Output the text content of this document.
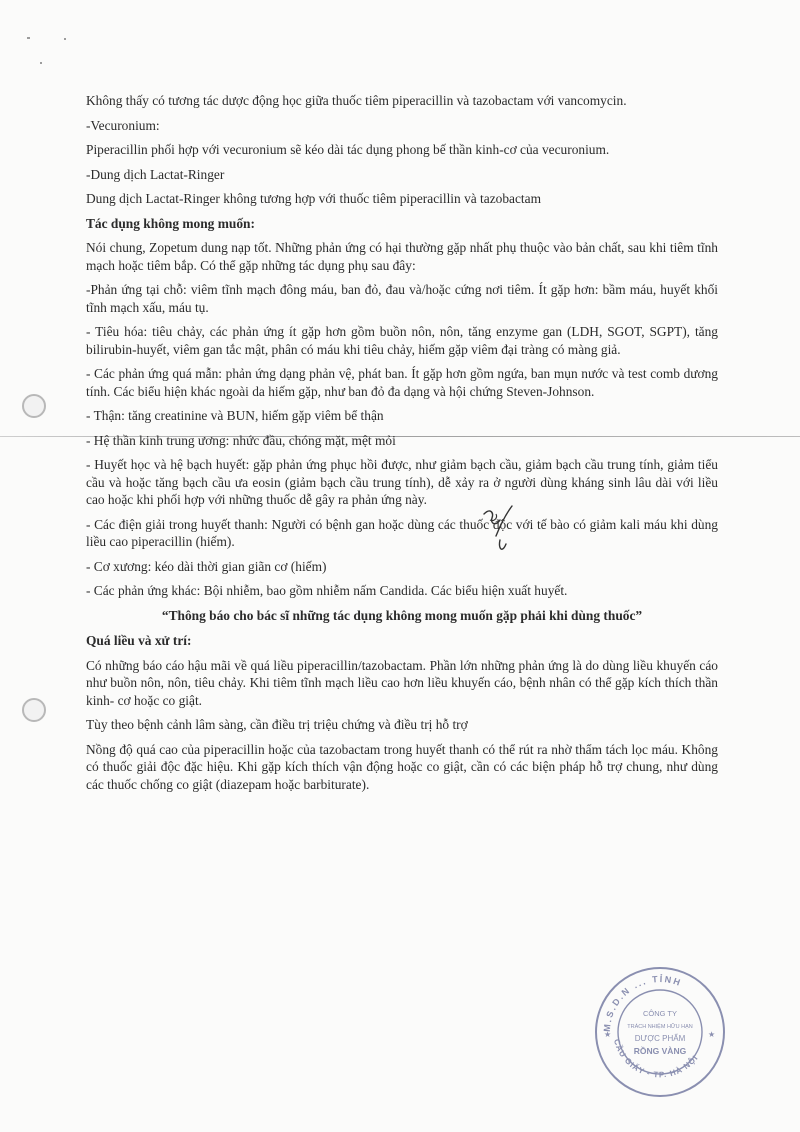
Không thấy có tương tác dược động học giữa thuốc tiêm piperacillin và tazobactam với vancomycin.

-Vecuronium:

Piperacillin phối hợp với vecuronium sẽ kéo dài tác dụng phong bế thần kinh-cơ của vecuronium.

-Dung dịch Lactat-Ringer

Dung dịch Lactat-Ringer không tương hợp với thuốc tiêm piperacillin và tazobactam

Tác dụng không mong muốn:

Nói chung, Zopetum dung nạp tốt. Những phản ứng có hại thường gặp nhất phụ thuộc vào bản chất, sau khi tiêm tĩnh mạch hoặc tiêm bắp. Có thể gặp những tác dụng phụ sau đây:

-Phản ứng tại chỗ: viêm tĩnh mạch đông máu, ban đỏ, đau và/hoặc cứng nơi tiêm. Ít gặp hơn: bầm máu, huyết khối tĩnh mạch xấu, máu tụ.

- Tiêu hóa: tiêu chảy, các phản ứng ít gặp hơn gồm buồn nôn, nôn, tăng enzyme gan (LDH, SGOT, SGPT), tăng bilirubin-huyết, viêm gan tắc mật, phân có máu khi tiêu chảy, hiếm gặp viêm đại tràng có màng giả.

- Các phản ứng quá mẫn: phản ứng dạng phản vệ, phát ban. Ít gặp hơn gồm ngứa, ban mụn nước và test comb dương tính. Các biểu hiện khác ngoài da hiếm gặp, như ban đỏ đa dạng và hội chứng Steven-Johnson.

- Thận: tăng creatinine và BUN, hiếm gặp viêm bể thận

- Hệ thần kinh trung ương: nhức đầu, chóng mặt, mệt mỏi

- Huyết học và hệ bạch huyết: gặp phản ứng phục hồi được, như giảm bạch cầu, giảm bạch cầu trung tính, giảm tiểu cầu và hoặc tăng bạch cầu ưa eosin (giảm bạch cầu trung tính), dễ xảy ra ở người dùng kháng sinh lâu dài với liều cao hoặc khi phối hợp với những thuốc dễ gây ra phản ứng này.

- Các điện giải trong huyết thanh: Người có bệnh gan hoặc dùng các thuốc độc với tế bào có giảm kali máu khi dùng liều cao piperacillin (hiếm).

- Cơ xương: kéo dài thời gian giãn cơ (hiếm)

- Các phản ứng khác: Bội nhiễm, bao gồm nhiễm nấm Candida. Các biểu hiện xuất huyết.

“Thông báo cho bác sĩ những tác dụng không mong muốn gặp phải khi dùng thuốc”

Quá liều và xử trí:

Có những báo cáo hậu mãi về quá liều piperacillin/tazobactam. Phần lớn những phản ứng là do dùng liều khuyến cáo như buồn nôn, nôn, tiêu chảy. Khi tiêm tĩnh mạch liều cao hơn liều khuyến cáo, bệnh nhân có thể gặp kích thích thần kinh- cơ hoặc co giật.

Tùy theo bệnh cảnh lâm sàng, cần điều trị triệu chứng và điều trị hỗ trợ

Nồng độ quá cao của piperacillin hoặc của tazobactam trong huyết thanh có thể rút ra nhờ thẩm tách lọc máu. Không có thuốc giải độc đặc hiệu. Khi gặp kích thích vận động hoặc co giật, cần có các biện pháp hỗ trợ chung, như dùng các thuốc chống co giật (diazepam hoặc barbiturate).

M.S.D.N ... TỈNH
CẦU GIẤY - TP. HÀ NỘI
CÔNG TY
TRÁCH NHIỆM HỮU HẠN
DƯỢC PHẨM
RỒNG VÀNG
★	★
